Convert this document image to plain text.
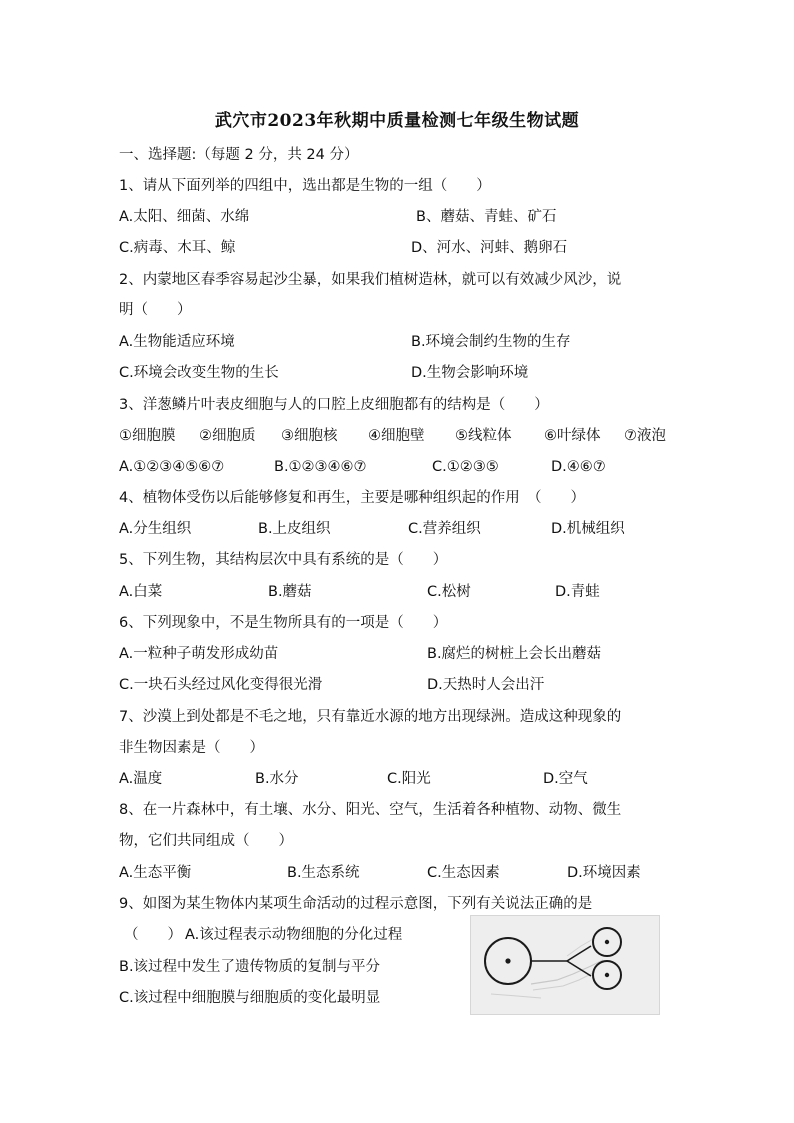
武穴市2023年秋期中质量检测七年级生物试题
一、选择题:（每题 2 分，共 24 分）
1、请从下面列举的四组中，选出都是生物的一组（　　）
A.太阳、细菌、水绵	B、蘑菇、青蛙、矿石
C.病毒、木耳、鲸	D、河水、河蚌、鹅卵石
2、内蒙地区春季容易起沙尘暴，如果我们植树造林，就可以有效减少风沙，说
明（　　）
A.生物能适应环境	B.环境会制约生物的生存
C.环境会改变生物的生长	D.生物会影响环境
3、洋葱鳞片叶表皮细胞与人的口腔上皮细胞都有的结构是（　　）
①细胞膜 ②细胞质 ③细胞核 ④细胞壁 ⑤线粒体 ⑥叶绿体 ⑦液泡
A.①②③④⑤⑥⑦	B.①②③④⑥⑦	C.①②③⑤	D.④⑥⑦
4、植物体受伤以后能够修复和再生，主要是哪种组织起的作用　（　　）
A.分生组织	B.上皮组织	C.营养组织	D.机械组织
5、下列生物，其结构层次中具有系统的是（　　）
A.白菜	B.蘑菇	C.松树	D.青蛙
6、下列现象中，不是生物所具有的一项是（　　）
A.一粒种子萌发形成幼苗	B.腐烂的树桩上会长出蘑菇
C.一块石头经过风化变得很光滑	D.天热时人会出汗
7、沙漠上到处都是不毛之地，只有靠近水源的地方出现绿洲。造成这种现象的
非生物因素是（　　）
A.温度	B.水分	C.阳光	D.空气
8、在一片森林中，有土壤、水分、阳光、空气，生活着各种植物、动物、微生
物，它们共同组成（　　）
A.生态平衡	B.生态系统	C.生态因素	D.环境因素
9、如图为某生物体内某项生命活动的过程示意图，下列有关说法正确的是
（　　） A.该过程表示动物细胞的分化过程
B.该过程中发生了遗传物质的复制与平分
C.该过程中细胞膜与细胞质的变化最明显
